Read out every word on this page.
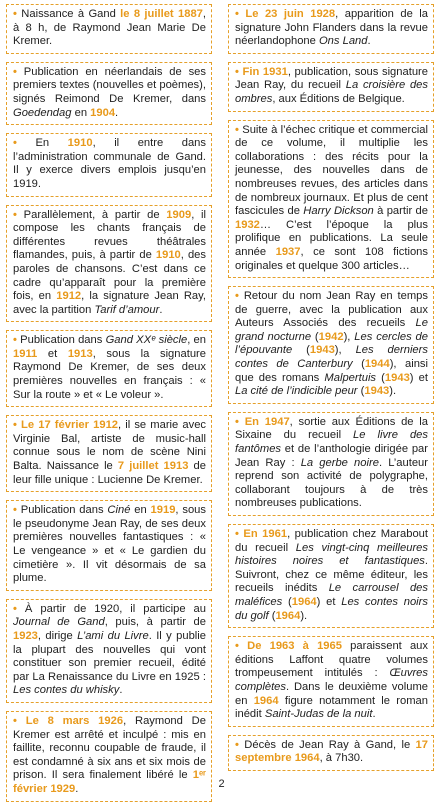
• Naissance à Gand le 8 juillet 1887, à 8 h, de Raymond Jean Marie De Kremer.

• Publication en néerlandais de ses premiers textes (nouvelles et poèmes), signés Reimond De Kremer, dans Goedendag en 1904.

• En 1910, il entre dans l’administration communale de Gand. Il y exerce divers emplois jusqu’en 1919.

• Parallèlement, à partir de 1909, il compose les chants français de différentes revues théâtrales flamandes, puis, à partir de 1910, des paroles de chansons. C’est dans ce cadre qu’apparaît pour la première fois, en 1912, la signature Jean Ray, avec la partition Tarif d’amour.

• Publication dans Gand XXᵉ siècle, en 1911 et 1913, sous la signature Raymond De Kremer, de ses deux premières nouvelles en français : « Sur la route » et « Le voleur ».

• Le 17 février 1912, il se marie avec Virginie Bal, artiste de music-hall connue sous le nom de scène Nini Balta. Naissance le 7 juillet 1913 de leur fille unique : Lucienne De Kremer.

• Publication dans Ciné en 1919, sous le pseudonyme Jean Ray, de ses deux premières nouvelles fantastiques : « Le vengeance » et « Le gardien du cimetière ». Il vit désormais de sa plume.

• À partir de 1920, il participe au Journal de Gand, puis, à partir de 1923, dirige L’ami du Livre. Il y publie la plupart des nouvelles qui vont constituer son premier recueil, édité par La Renaissance du Livre en 1925 : Les contes du whisky.

• Le 8 mars 1926, Raymond De Kremer est arrêté et inculpé : mis en faillite, reconnu coupable de fraude, il est condamné à six ans et six mois de prison. Il sera finalement libéré le 1ᵉʳ février 1929.

• Le 23 juin 1928, apparition de la signature John Flanders dans la revue néerlandophone Ons Land.

• Fin 1931, publication, sous signature Jean Ray, du recueil La croisière des ombres, aux Éditions de Belgique.

• Suite à l’échec critique et commercial de ce volume, il multiplie les collaborations : des récits pour la jeunesse, des nouvelles dans de nombreuses revues, des articles dans de nombreux journaux. Et plus de cent fascicules de Harry Dickson à partir de 1932… C’est l’époque la plus prolifique en publications. La seule année 1937, ce sont 108 fictions originales et quelque 300 articles…

• Retour du nom Jean Ray en temps de guerre, avec la publication aux Auteurs Associés des recueils Le grand nocturne (1942), Les cercles de l’épouvante (1943), Les derniers contes de Canterbury (1944), ainsi que des romans Malpertuis (1943) et La cité de l’indicible peur (1943).

• En 1947, sortie aux Éditions de la Sixaine du recueil Le livre des fantômes et de l’anthologie dirigée par Jean Ray : La gerbe noire. L’auteur reprend son activité de polygraphe, collaborant toujours à de très nombreuses publications.

• En 1961, publication chez Marabout du recueil Les vingt-cinq meilleures histoires noires et fantastiques. Suivront, chez ce même éditeur, les recueils inédits Le carrousel des maléfices (1964) et Les contes noirs du golf (1964).

• De 1963 à 1965 paraissent aux éditions Laffont quatre volumes trompeusement intitulés : Œuvres complètes. Dans le deuxième volume en 1964 figure notamment le roman inédit Saint-Judas de la nuit.

• Décès de Jean Ray à Gand, le 17 septembre 1964, à 7h30.

2
